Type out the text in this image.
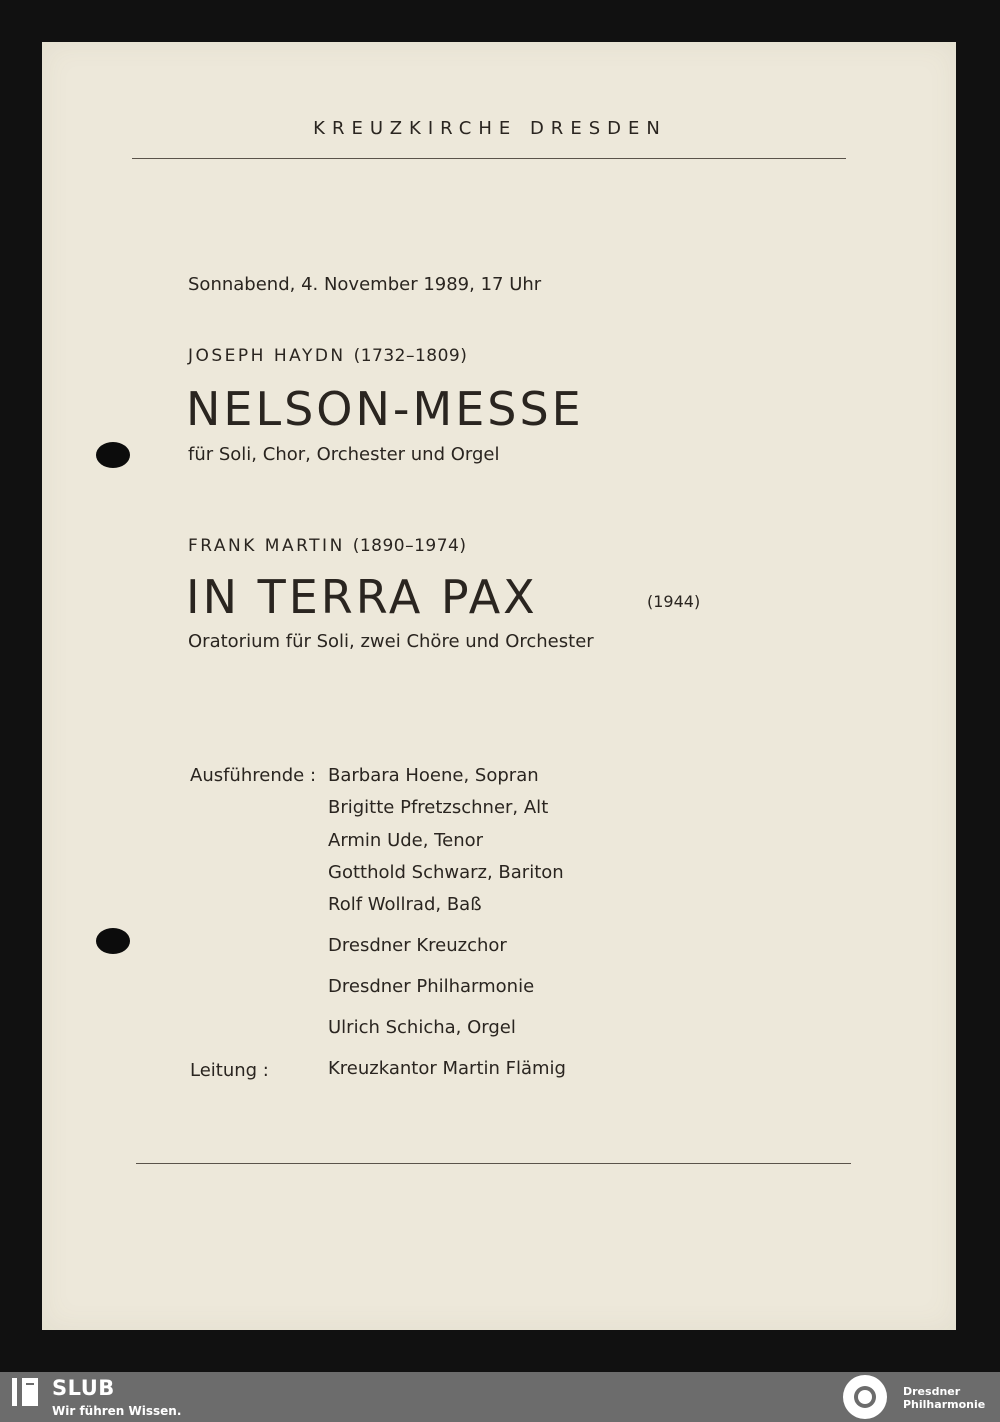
KREUZKIRCHE DRESDEN
Sonnabend, 4. November 1989, 17 Uhr
JOSEPH HAYDN (1732–1809)
NELSON-MESSE
für Soli, Chor, Orchester und Orgel
FRANK MARTIN (1890–1974)
IN TERRA PAX	(1944)
Oratorium für Soli, zwei Chöre und Orchester
Ausführende : Barbara Hoene, Sopran
Brigitte Pfretzschner, Alt
Armin Ude, Tenor
Gotthold Schwarz, Bariton
Rolf Wollrad, Baß
Dresdner Kreuzchor
Dresdner Philharmonie
Ulrich Schicha, Orgel
Leitung :	Kreuzkantor Martin Flämig
SLUB
Wir führen Wissen.
Dresdner
Philharmonie
